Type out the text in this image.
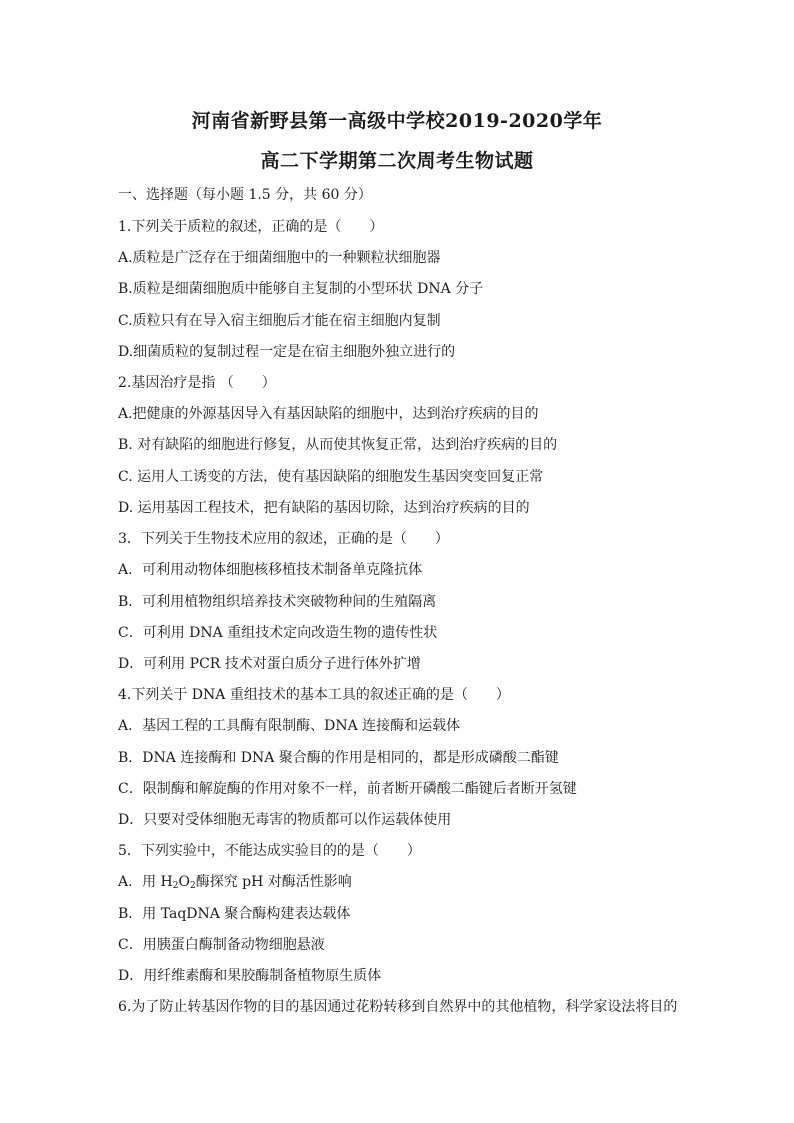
河南省新野县第一高级中学校2019-2020学年
高二下学期第二次周考生物试题
一、选择题（每小题 1.5 分，共 60 分）
1.下列关于质粒的叙述，正确的是（　　）
A.质粒是广泛存在于细菌细胞中的一种颗粒状细胞器
B.质粒是细菌细胞质中能够自主复制的小型环状 DNA 分子
C.质粒只有在导入宿主细胞后才能在宿主细胞内复制
D.细菌质粒的复制过程一定是在宿主细胞外独立进行的
2.基因治疗是指 （　　）
A.把健康的外源基因导入有基因缺陷的细胞中，达到治疗疾病的目的
B. 对有缺陷的细胞进行修复，从而使其恢复正常，达到治疗疾病的目的
C. 运用人工诱变的方法，使有基因缺陷的细胞发生基因突变回复正常
D. 运用基因工程技术，把有缺陷的基因切除，达到治疗疾病的目的
3．下列关于生物技术应用的叙述，正确的是（　　）
A．可利用动物体细胞核移植技术制备单克隆抗体
B．可利用植物组织培养技术突破物种间的生殖隔离
C．可利用 DNA 重组技术定向改造生物的遗传性状
D．可利用 PCR 技术对蛋白质分子进行体外扩增
4.下列关于 DNA 重组技术的基本工具的叙述正确的是（　　）
A．基因工程的工具酶有限制酶、DNA 连接酶和运载体
B．DNA 连接酶和 DNA 聚合酶的作用是相同的，都是形成磷酸二酯键
C．限制酶和解旋酶的作用对象不一样，前者断开磷酸二酯键后者断开氢键
D．只要对受体细胞无毒害的物质都可以作运载体使用
5．下列实验中，不能达成实验目的的是（　　）
A．用 $H_2O_2$酶探究 pH 对酶活性影响
B．用 TaqDNA 聚合酶构建表达载体
C．用胰蛋白酶制备动物细胞悬液
D．用纤维素酶和果胶酶制备植物原生质体
6.为了防止转基因作物的目的基因通过花粉转移到自然界中的其他植物，科学家设法将目的
